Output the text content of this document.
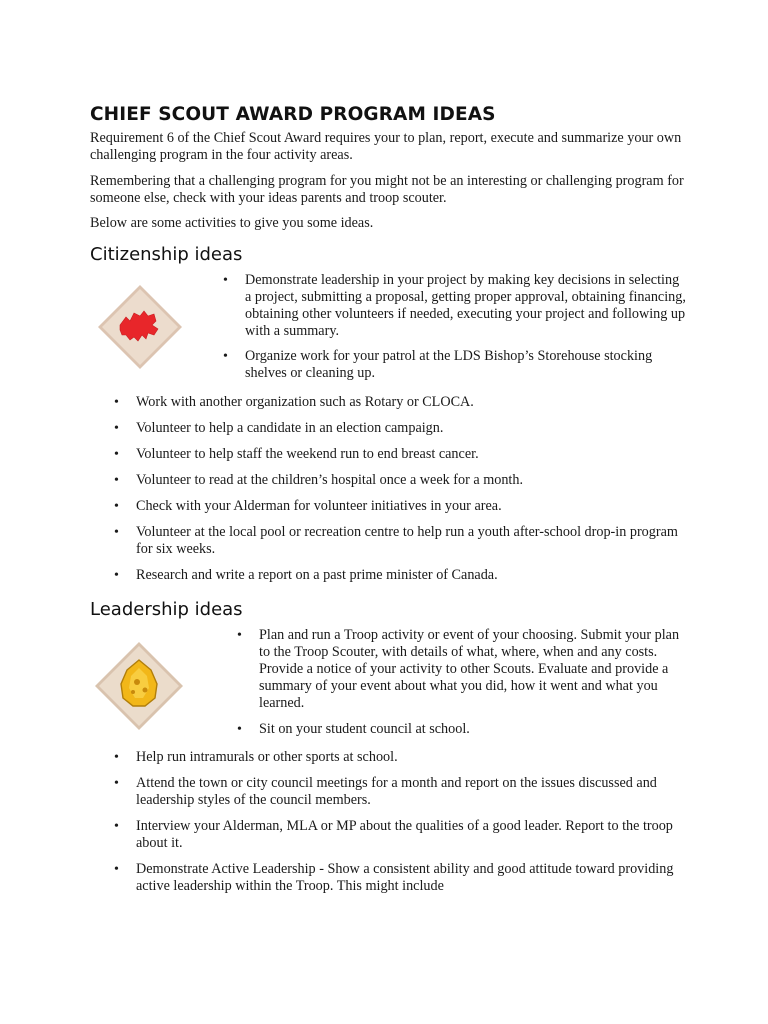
CHIEF SCOUT AWARD PROGRAM IDEAS

Requirement 6 of the Chief Scout Award requires your to plan, report, execute and summarize your own challenging program in the four activity areas.

Remembering that a challenging program for you might not be an interesting or challenging program for someone else, check with your ideas parents and troop scouter.

Below are some activities to give you some ideas.

Citizenship ideas
• Demonstrate leadership in your project by making key decisions in selecting a project, submitting a proposal, getting proper approval, obtaining financing, obtaining other volunteers if needed, executing your project and following up with a summary.
• Organize work for your patrol at the LDS Bishop’s Storehouse stocking shelves or cleaning up.
• Work with another organization such as Rotary or CLOCA.
• Volunteer to help a candidate in an election campaign.
• Volunteer to help staff the weekend run to end breast cancer.
• Volunteer to read at the children’s hospital once a week for a month.
• Check with your Alderman for volunteer initiatives in your area.
• Volunteer at the local pool or recreation centre to help run a youth after-school drop-in program for six weeks.
• Research and write a report on a past prime minister of Canada.
Leadership ideas
• Plan and run a Troop activity or event of your choosing. Submit your plan to the Troop Scouter, with details of what, where, when and any costs. Provide a notice of your activity to other Scouts. Evaluate and provide a summary of your event about what you did, how it went and what you learned.
• Sit on your student council at school.
• Help run intramurals or other sports at school.
• Attend the town or city council meetings for a month and report on the issues discussed and leadership styles of the council members.
• Interview your Alderman, MLA or MP about the qualities of a good leader. Report to the troop about it.
• Demonstrate Active Leadership - Show a consistent ability and good attitude toward providing active leadership within the Troop. This might include
